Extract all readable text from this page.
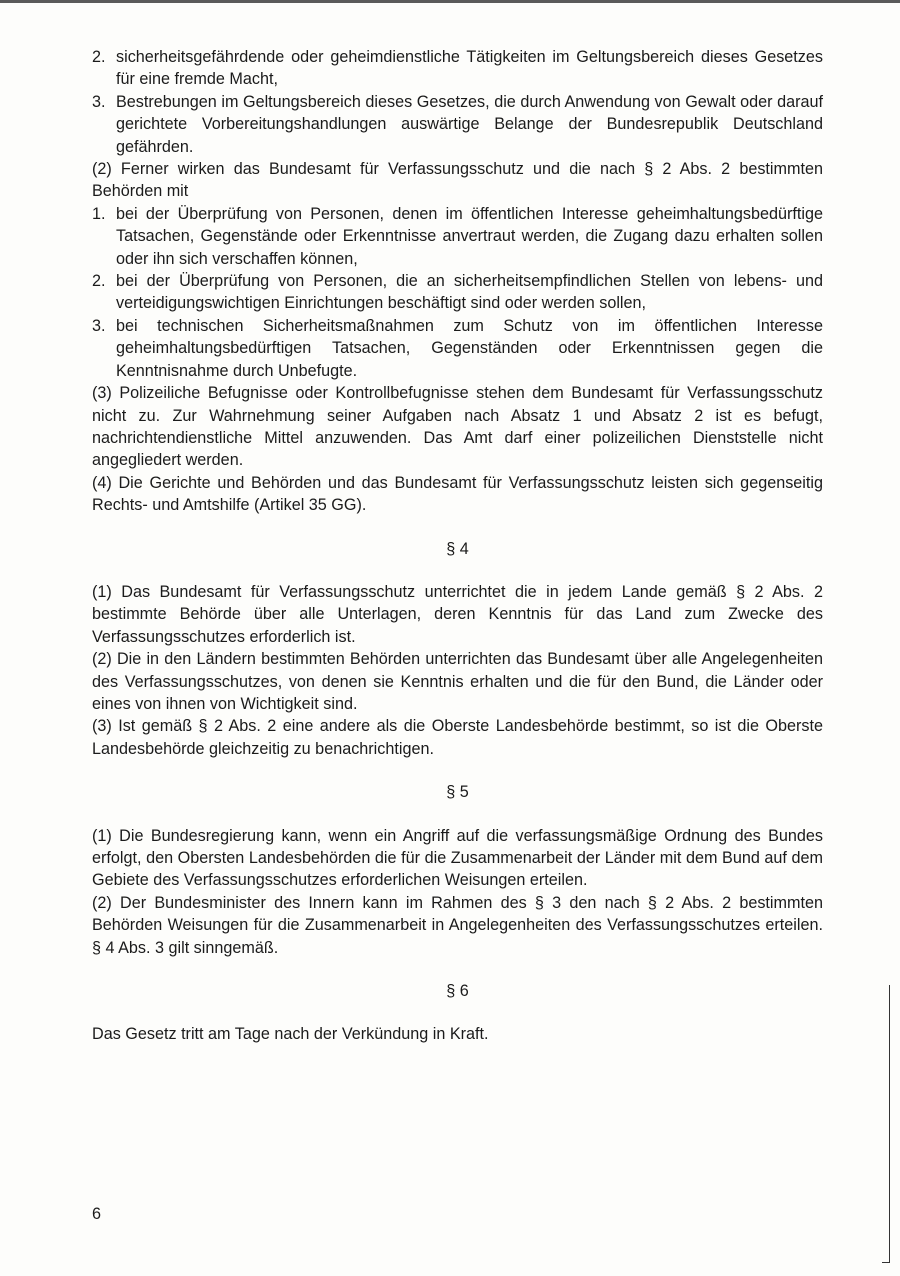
2. sicherheitsgefährdende oder geheimdienstliche Tätigkeiten im Geltungsbereich dieses Gesetzes für eine fremde Macht,
3. Bestrebungen im Geltungsbereich dieses Gesetzes, die durch Anwendung von Gewalt oder darauf gerichtete Vorbereitungshandlungen auswärtige Belange der Bundesrepublik Deutschland gefährden.

(2) Ferner wirken das Bundesamt für Verfassungsschutz und die nach § 2 Abs. 2 bestimmten Behörden mit

1. bei der Überprüfung von Personen, denen im öffentlichen Interesse geheimhaltungsbedürftige Tatsachen, Gegenstände oder Erkenntnisse anvertraut werden, die Zugang dazu erhalten sollen oder ihn sich verschaffen können,
2. bei der Überprüfung von Personen, die an sicherheitsempfindlichen Stellen von lebens- und verteidigungswichtigen Einrichtungen beschäftigt sind oder werden sollen,
3. bei technischen Sicherheitsmaßnahmen zum Schutz von im öffentlichen Interesse geheimhaltungsbedürftigen Tatsachen, Gegenständen oder Erkenntnissen gegen die Kenntnisnahme durch Unbefugte.

(3) Polizeiliche Befugnisse oder Kontrollbefugnisse stehen dem Bundesamt für Verfassungsschutz nicht zu. Zur Wahrnehmung seiner Aufgaben nach Absatz 1 und Absatz 2 ist es befugt, nachrichtendienstliche Mittel anzuwenden. Das Amt darf einer polizeilichen Dienststelle nicht angegliedert werden.

(4) Die Gerichte und Behörden und das Bundesamt für Verfassungsschutz leisten sich gegenseitig Rechts- und Amtshilfe (Artikel 35 GG).

§ 4

(1) Das Bundesamt für Verfassungsschutz unterrichtet die in jedem Lande gemäß § 2 Abs. 2 bestimmte Behörde über alle Unterlagen, deren Kenntnis für das Land zum Zwecke des Verfassungsschutzes erforderlich ist.

(2) Die in den Ländern bestimmten Behörden unterrichten das Bundesamt über alle Angelegenheiten des Verfassungsschutzes, von denen sie Kenntnis erhalten und die für den Bund, die Länder oder eines von ihnen von Wichtigkeit sind.

(3) Ist gemäß § 2 Abs. 2 eine andere als die Oberste Landesbehörde bestimmt, so ist die Oberste Landesbehörde gleichzeitig zu benachrichtigen.

§ 5

(1) Die Bundesregierung kann, wenn ein Angriff auf die verfassungsmäßige Ordnung des Bundes erfolgt, den Obersten Landesbehörden die für die Zusammenarbeit der Länder mit dem Bund auf dem Gebiete des Verfassungsschutzes erforderlichen Weisungen erteilen.

(2) Der Bundesminister des Innern kann im Rahmen des § 3 den nach § 2 Abs. 2 bestimmten Behörden Weisungen für die Zusammenarbeit in Angelegenheiten des Verfassungsschutzes erteilen. § 4 Abs. 3 gilt sinngemäß.

§ 6

Das Gesetz tritt am Tage nach der Verkündung in Kraft.

6
